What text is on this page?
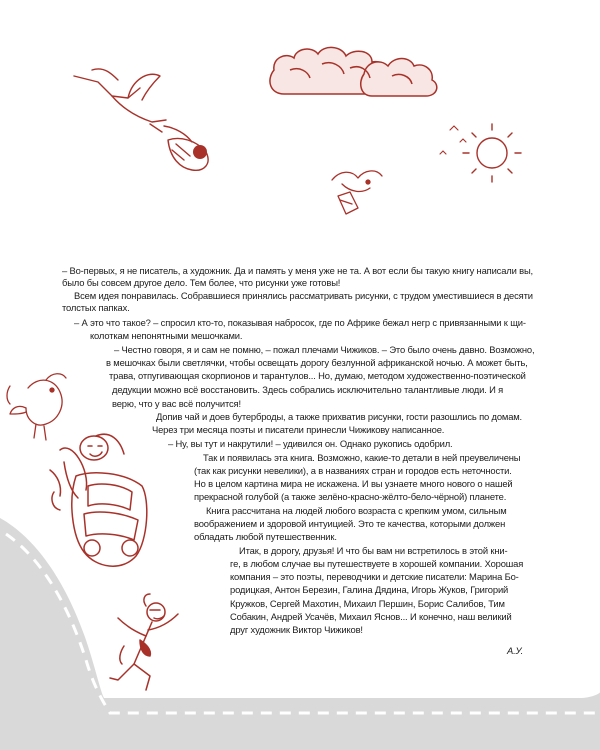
– Во-первых, я не писатель, а художник. Да и память у меня уже не та. А вот если бы такую книгу написали вы,
было бы совсем другое дело. Тем более, что рисунки уже готовы!
Всем идея понравилась. Собравшиеся принялись рассматривать рисунки, с трудом уместившиеся в десяти
толстых папках.
– А это что такое? – спросил кто-то, показывая набросок, где по Африке бежал негр с привязанными к щи-
колоткам непонятными мешочками.
– Честно говоря, я и сам не помню, – пожал плечами Чижиков. – Это было очень давно. Возможно,
в мешочках были светлячки, чтобы освещать дорогу безлунной африканской ночью. А может быть,
трава, отпугивающая скорпионов и тарантулов... Но, думаю, методом художественно-поэтической
дедукции можно всё восстановить. Здесь собрались исключительно талантливые люди. И я
верю, что у вас всё получится!
Допив чай и доев бутерброды, а также прихватив рисунки, гости разошлись по домам.
Через три месяца поэты и писатели принесли Чижикову написанное.
– Ну, вы тут и накрутили! – удивился он. Однако рукопись одобрил.
Так и появилась эта книга. Возможно, какие-то детали в ней преувеличены
(так как рисунки невелики), а в названиях стран и городов есть неточности.
Но в целом картина мира не искажена. И вы узнаете много нового о нашей
прекрасной голубой (а также зелёно-красно-жёлто-бело-чёрной) планете.
Книга рассчитана на людей любого возраста с крепким умом, сильным
воображением и здоровой интуицией. Это те качества, которыми должен
обладать любой путешественник.
Итак, в дорогу, друзья! И что бы вам ни встретилось в этой кни-
ге, в любом случае вы путешествуете в хорошей компании. Хорошая
компания – это поэты, переводчики и детские писатели: Марина Бо-
родицкая, Антон Березин, Галина Дядина, Игорь Жуков, Григорий
Кружков, Сергей Махотин, Михаил Першин, Борис Салибов, Тим
Собакин, Андрей Усачёв, Михаил Яснов... И конечно, наш великий
друг художник Виктор Чижиков!
А.У.
